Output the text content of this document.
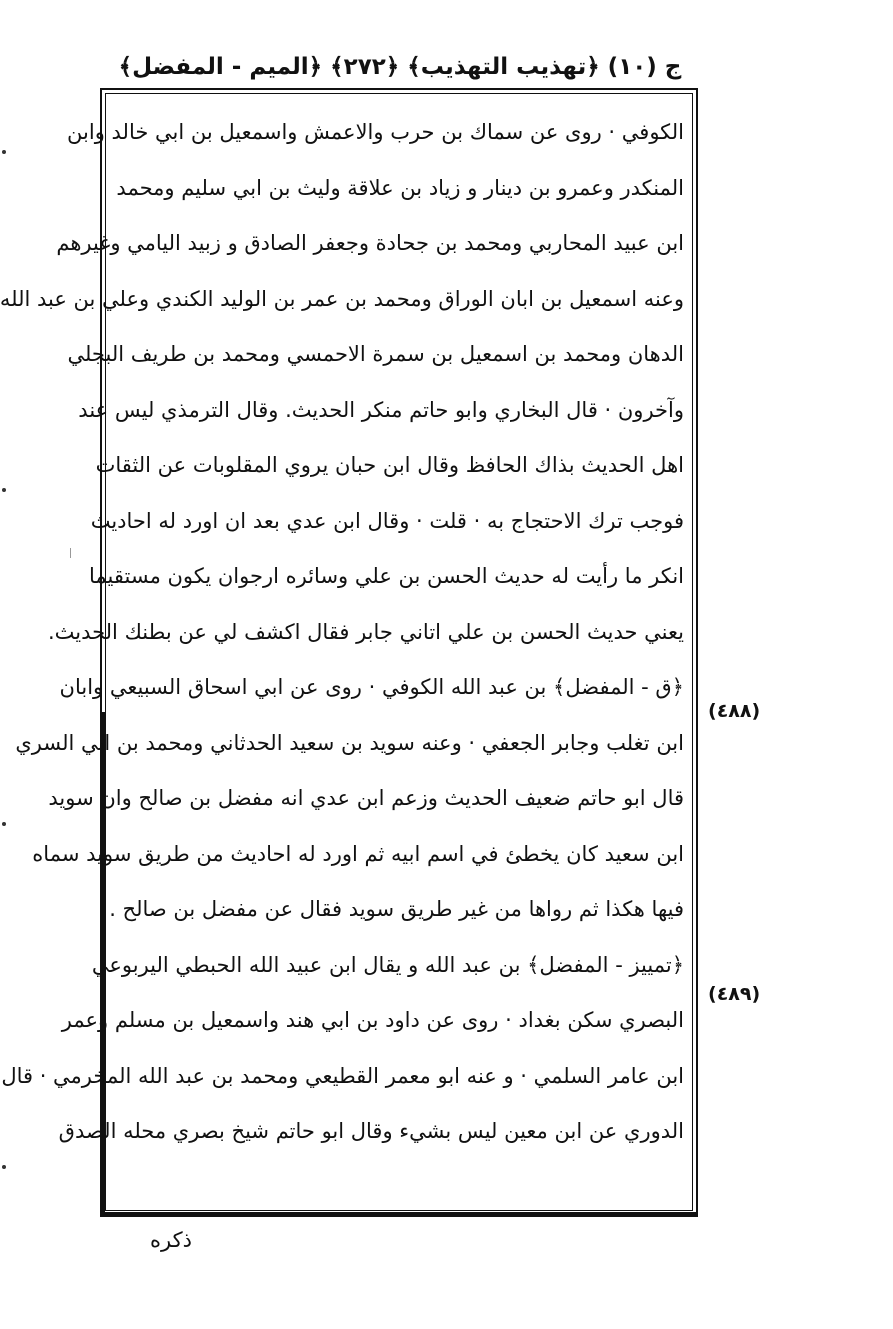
ج (١٠) ﴿تهذيب التهذيب﴾ ﴿٢٧٢﴾ ﴿الميم - المفضل﴾
الكوفي · روى عن سماك بن حرب والاعمش واسمعيل بن ابي خالد وابن
المنكدر وعمرو بن دينار و زياد بن علاقة وليث بن ابي سليم ومحمد
ابن عبيد المحاربي ومحمد بن جحادة وجعفر الصادق و زبيد اليامي وغيرهم
وعنه اسمعيل بن ابان الوراق ومحمد بن عمر بن الوليد الكندي وعلي بن عبد الله
الدهان ومحمد بن اسمعيل بن سمرة الاحمسي ومحمد بن طريف البجلي
وآخرون · قال البخاري وابو حاتم منكر الحديث. وقال الترمذي ليس عند
اهل الحديث بذاك الحافظ وقال ابن حبان يروي المقلوبات عن الثقات
فوجب ترك الاحتجاج به · قلت · وقال ابن عدي بعد ان اورد له احاديث
انكر ما رأيت له حديث الحسن بن علي وسائره ارجوان يكون مستقيما
يعني حديث الحسن بن علي اتاني جابر فقال اكشف لي عن بطنك الحديث.
﴿ق - المفضل﴾ بن عبد الله الكوفي · روى عن ابي اسحاق السبيعي وابان
ابن تغلب وجابر الجعفي · وعنه سويد بن سعيد الحدثاني ومحمد بن ابي السري
قال ابو حاتم ضعيف الحديث وزعم ابن عدي انه مفضل بن صالح وان سويد
ابن سعيد كان يخطئ في اسم ابيه ثم اورد له احاديث من طريق سويد سماه
فيها هكذا ثم رواها من غير طريق سويد فقال عن مفضل بن صالح .
﴿تمييز - المفضل﴾ بن عبد الله و يقال ابن عبيد الله الحبطي اليربوعي
البصري سكن بغداد · روى عن داود بن ابي هند واسمعيل بن مسلم وعمر
ابن عامر السلمي · و عنه ابو معمر القطيعي ومحمد بن عبد الله المخرمي · قال
الدوري عن ابن معين ليس بشيء وقال ابو حاتم شيخ بصري محله الصدق
(٤٨٨)
(٤٨٩)
ذكره
